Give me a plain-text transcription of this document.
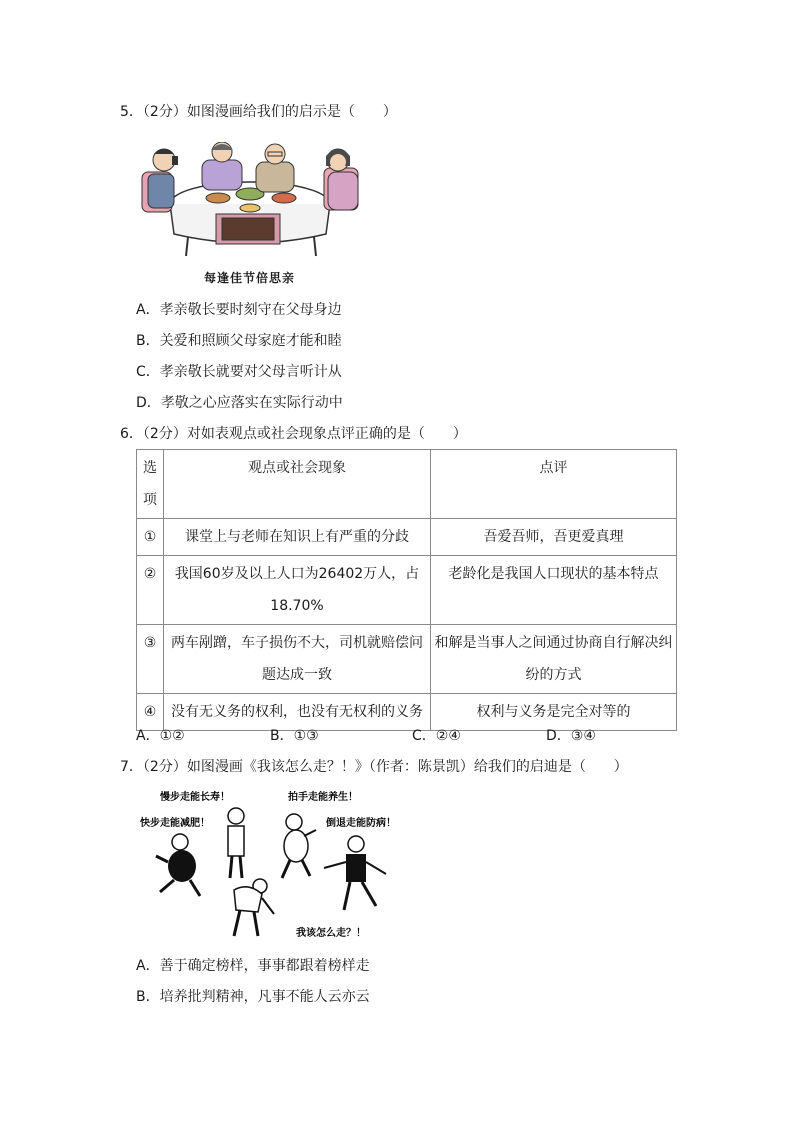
5．（2分）如图漫画给我们的启示是（　　）
每逢佳节倍思亲
A．孝亲敬长要时刻守在父母身边
B．关爱和照顾父母家庭才能和睦
C．孝亲敬长就要对父母言听计从
D．孝敬之心应落实在实际行动中
6．（2分）对如表观点或社会现象点评正确的是（　　）
选项	观点或社会现象	点评
①	课堂上与老师在知识上有严重的分歧	吾爱吾师，吾更爱真理
②	我国60岁及以上人口为26402万人，占18.70%	老龄化是我国人口现状的基本特点
③	两车剐蹭，车子损伤不大，司机就赔偿问题达成一致	和解是当事人之间通过协商自行解决纠纷的方式
④	没有无义务的权利，也没有无权利的义务	权利与义务是完全对等的
A．①②	B．①③	C．②④	D．③④
7．（2分）如图漫画《我该怎么走？！》（作者：陈景凯）给我们的启迪是（　　）
慢步走能长寿！
快步走能减肥！
拍手走能养生！
倒退走能防病！
我该怎么走？！
A．善于确定榜样，事事都跟着榜样走
B．培养批判精神，凡事不能人云亦云
